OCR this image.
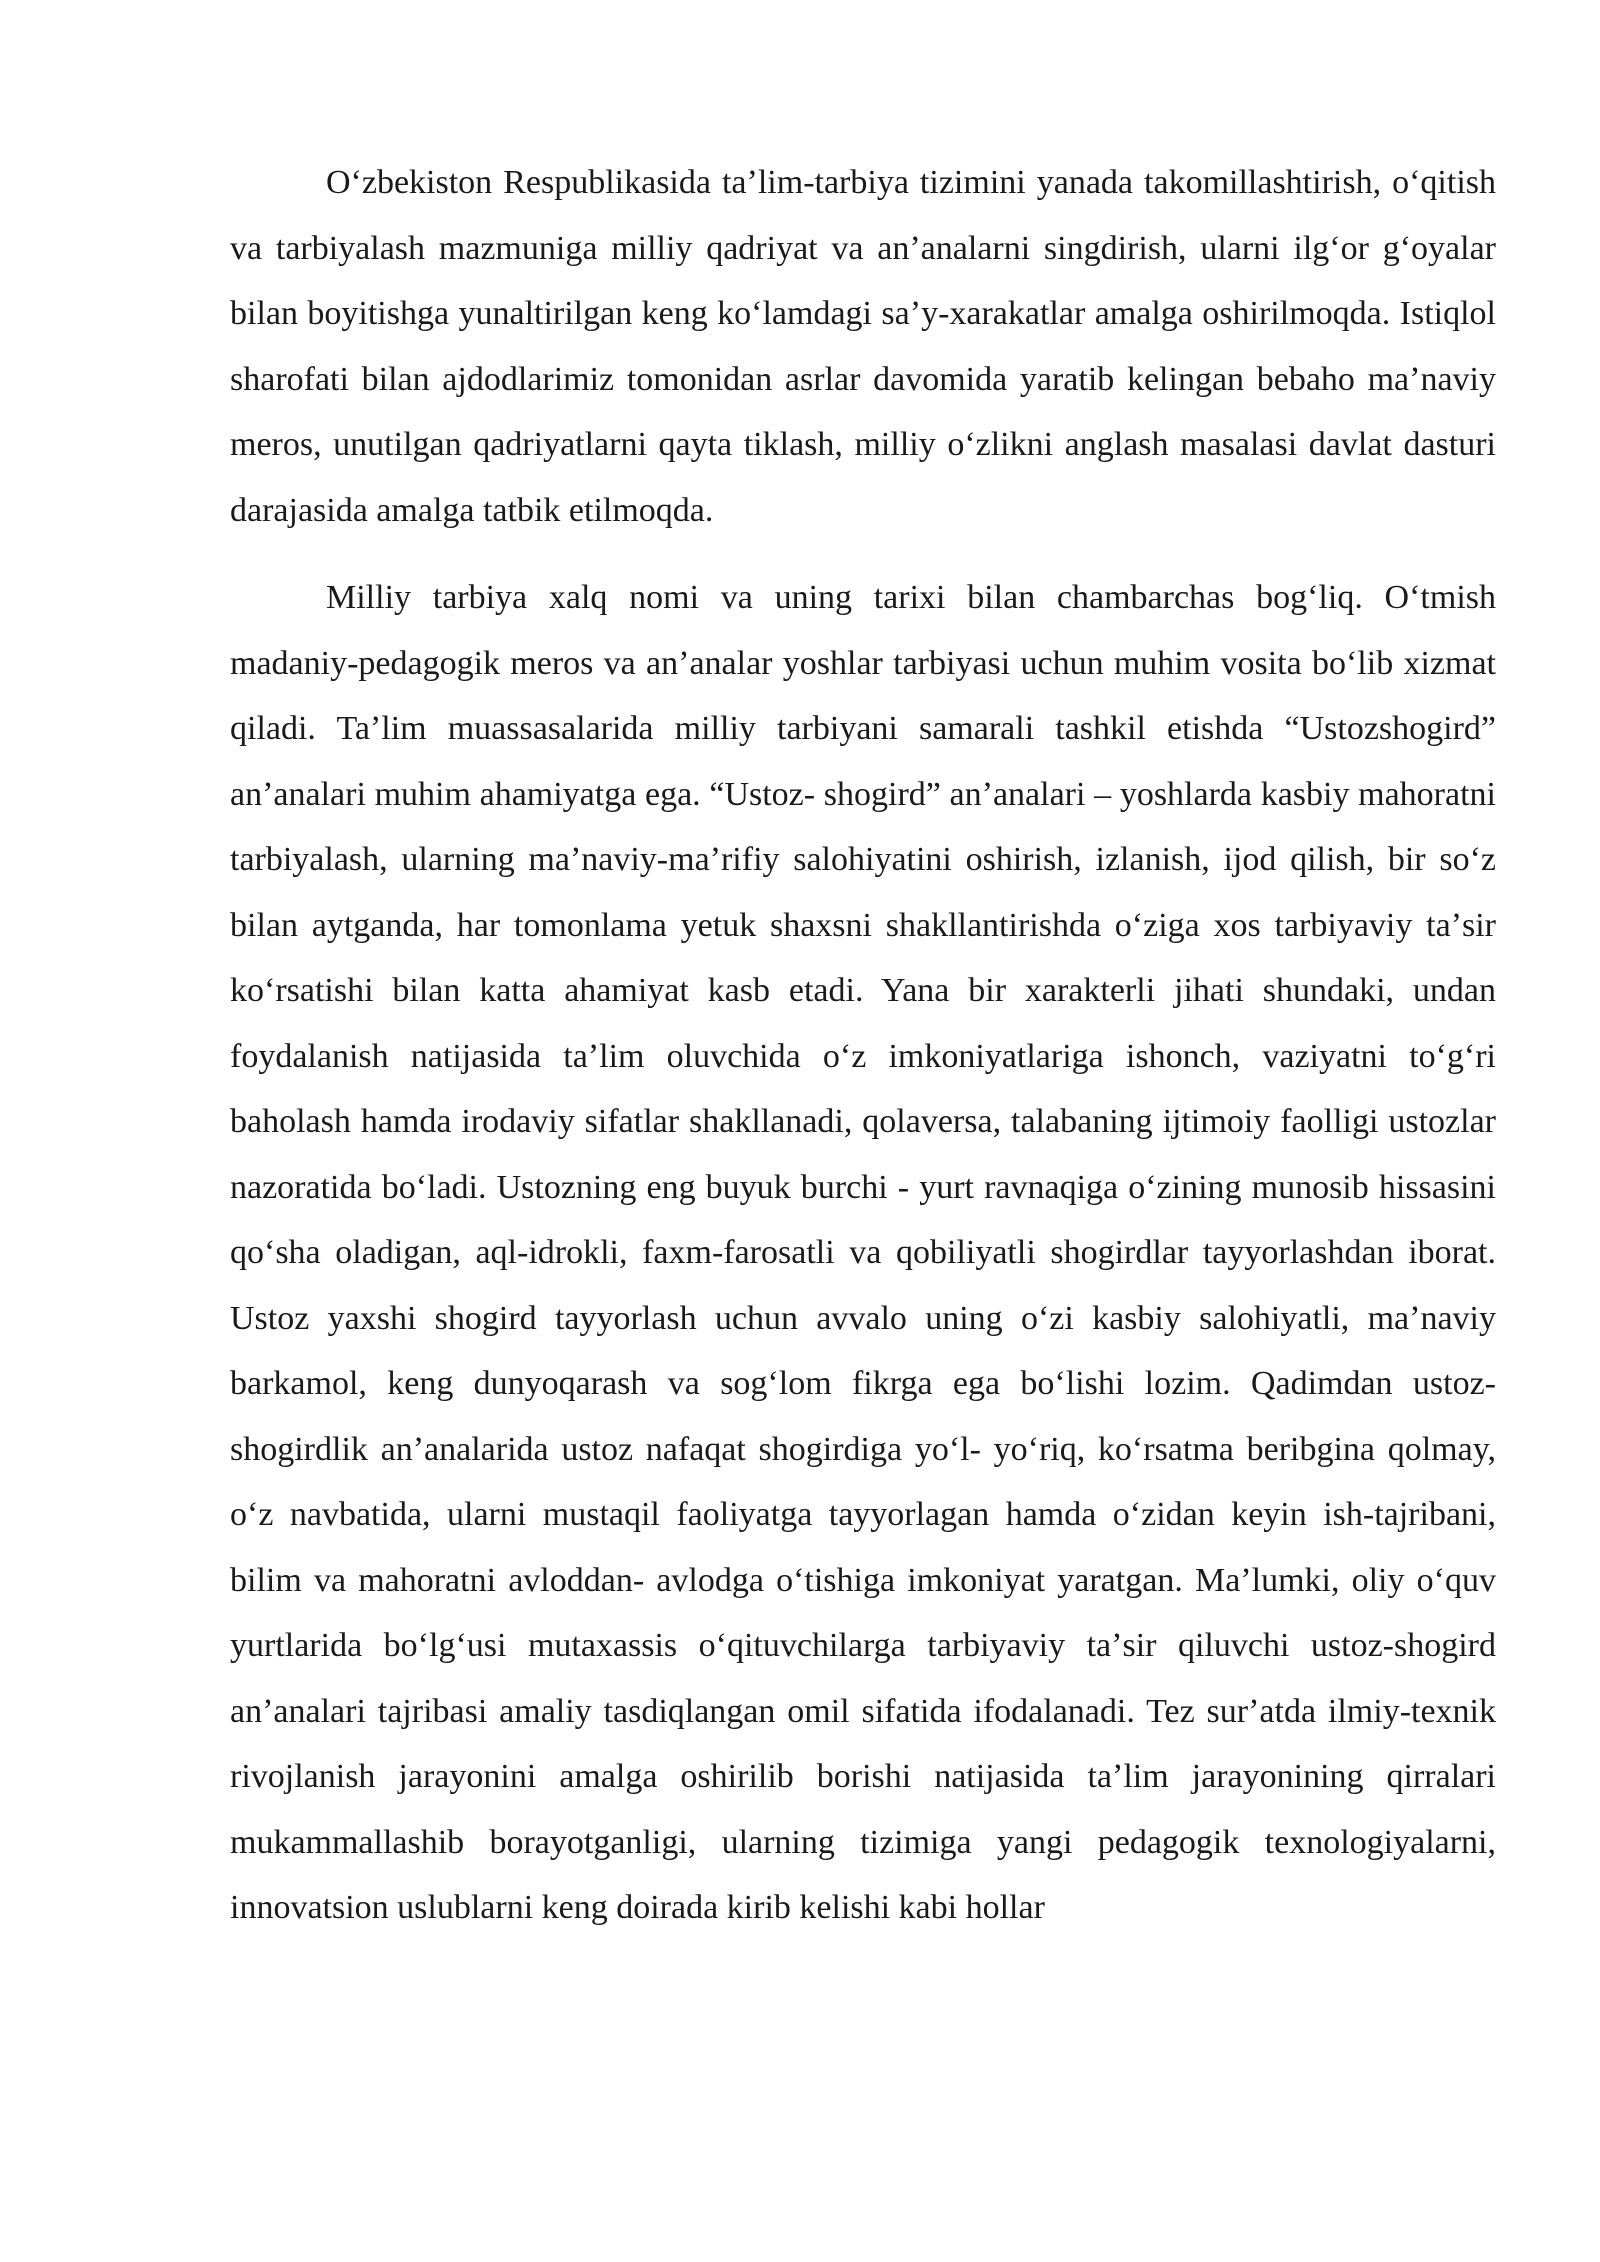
Oʻzbekiston Respublikasida taʼlim-tarbiya tizimini yanada takomillashtirish, oʻqitish va tarbiyalash mazmuniga milliy qadriyat va anʼanalarni singdirish, ularni ilgʻor gʻoyalar bilan boyitishga yunaltirilgan keng koʻlamdagi saʼy-xarakatlar amalga oshirilmoqda. Istiqlol sharofati bilan ajdodlarimiz tomonidan asrlar davomida yaratib kelingan bebaho maʼnaviy meros, unutilgan qadriyatlarni qayta tiklash, milliy oʻzlikni anglash masalasi davlat dasturi darajasida amalga tatbik etilmoqda.

Milliy tarbiya xalq nomi va uning tarixi bilan chambarchas bogʻliq. Oʻtmish madaniy-pedagogik meros va anʼanalar yoshlar tarbiyasi uchun muhim vosita boʻlib xizmat qiladi. Taʼlim muassasalarida milliy tarbiyani samarali tashkil etishda “Ustozshogird” anʼanalari muhim ahamiyatga ega. “Ustoz- shogird” anʼanalari – yoshlarda kasbiy mahoratni tarbiyalash, ularning maʼnaviy-maʼrifiy salohiyatini oshirish, izlanish, ijod qilish, bir soʻz bilan aytganda, har tomonlama yetuk shaxsni shakllantirishda oʻziga xos tarbiyaviy taʼsir koʻrsatishi bilan katta ahamiyat kasb etadi. Yana bir xarakterli jihati shundaki, undan foydalanish natijasida taʼlim oluvchida oʻz imkoniyatlariga ishonch, vaziyatni toʻgʻri baholash hamda irodaviy sifatlar shakllanadi, qolaversa, talabaning ijtimoiy faolligi ustozlar nazoratida boʻladi. Ustozning eng buyuk burchi - yurt ravnaqiga oʻzining munosib hissasini qoʻsha oladigan, aql-idrokli, faxm-farosatli va qobiliyatli shogirdlar tayyorlashdan iborat. Ustoz yaxshi shogird tayyorlash uchun avvalo uning oʻzi kasbiy salohiyatli, maʼnaviy barkamol, keng dunyoqarash va sogʻlom fikrga ega boʻlishi lozim. Qadimdan ustoz-shogirdlik anʼanalarida ustoz nafaqat shogirdiga yoʻl- yoʻriq, koʻrsatma beribgina qolmay, oʻz navbatida, ularni mustaqil faoliyatga tayyorlagan hamda oʻzidan keyin ish-tajribani, bilim va mahoratni avloddan- avlodga oʻtishiga imkoniyat yaratgan. Maʼlumki, oliy oʻquv yurtlarida boʻlgʻusi mutaxassis oʻqituvchilarga tarbiyaviy taʼsir qiluvchi ustoz-shogird anʼanalari tajribasi amaliy tasdiqlangan omil sifatida ifodalanadi. Tez surʼatda ilmiy-texnik rivojlanish jarayonini amalga oshirilib borishi natijasida taʼlim jarayonining qirralari mukammallashib borayotganligi, ularning tizimiga yangi pedagogik texnologiyalarni, innovatsion uslublarni keng doirada kirib kelishi kabi hollar
